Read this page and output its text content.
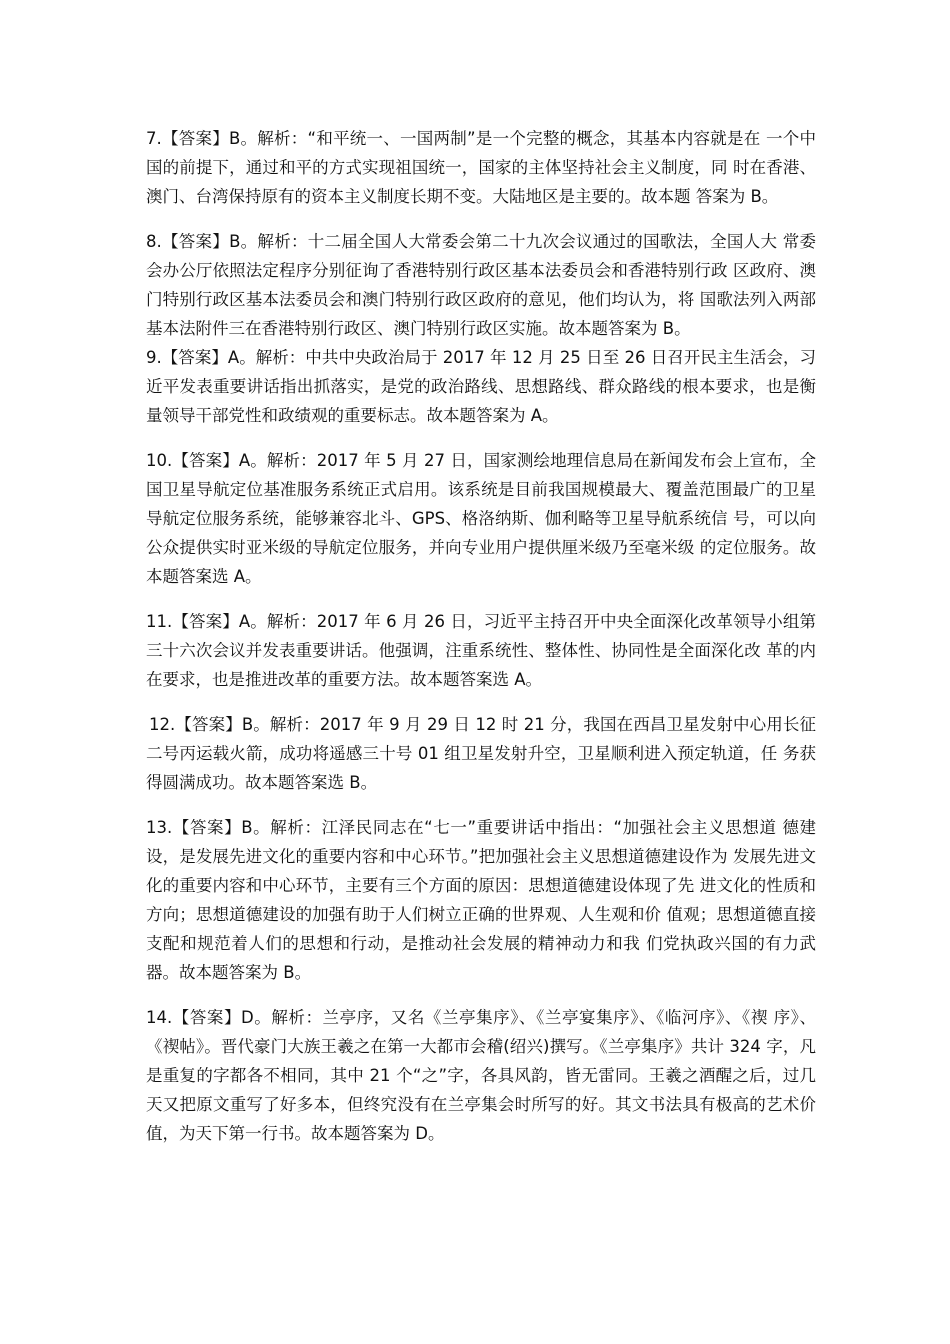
7.【答案】B。解析：“和平统一、一国两制”是一个完整的概念，其基本内容就是在 一个中国的前提下，通过和平的方式实现祖国统一，国家的主体坚持社会主义制度，同 时在香港、澳门、台湾保持原有的资本主义制度长期不变。大陆地区是主要的。故本题 答案为 B。

8.【答案】B。解析：十二届全国人大常委会第二十九次会议通过的国歌法，全国人大 常委会办公厅依照法定程序分别征询了香港特别行政区基本法委员会和香港特别行政 区政府、澳门特别行政区基本法委员会和澳门特别行政区政府的意见，他们均认为，将 国歌法列入两部基本法附件三在香港特别行政区、澳门特别行政区实施。故本题答案为 B。

9.【答案】A。解析：中共中央政治局于 2017 年 12 月 25 日至 26 日召开民主生活会，习近平发表重要讲话指出抓落实，是党的政治路线、思想路线、群众路线的根本要求，也是衡量领导干部党性和政绩观的重要标志。故本题答案为 A。

10.【答案】A。解析：2017 年 5 月 27 日，国家测绘地理信息局在新闻发布会上宣布，全国卫星导航定位基准服务系统正式启用。该系统是目前我国规模最大、覆盖范围最广的卫星导航定位服务系统，能够兼容北斗、GPS、格洛纳斯、伽利略等卫星导航系统信 号，可以向公众提供实时亚米级的导航定位服务，并向专业用户提供厘米级乃至毫米级 的定位服务。故本题答案选 A。

11.【答案】A。解析：2017 年 6 月 26 日，习近平主持召开中央全面深化改革领导小组第三十六次会议并发表重要讲话。他强调，注重系统性、整体性、协同性是全面深化改 革的内在要求，也是推进改革的重要方法。故本题答案选 A。

12.【答案】B。解析：2017 年 9 月 29 日 12 时 21 分，我国在西昌卫星发射中心用长征 二号丙运载火箭，成功将遥感三十号 01 组卫星发射升空，卫星顺利进入预定轨道，任 务获得圆满成功。故本题答案选 B。

13.【答案】B。解析：江泽民同志在“七一”重要讲话中指出：“加强社会主义思想道 德建设，是发展先进文化的重要内容和中心环节。”把加强社会主义思想道德建设作为 发展先进文化的重要内容和中心环节，主要有三个方面的原因：思想道德建设体现了先 进文化的性质和方向；思想道德建设的加强有助于人们树立正确的世界观、人生观和价 值观；思想道德直接支配和规范着人们的思想和行动，是推动社会发展的精神动力和我 们党执政兴国的有力武器。故本题答案为 B。

14.【答案】D。解析：兰亭序，又名《兰亭集序》、《兰亭宴集序》、《临河序》、《禊 序》、《禊帖》。晋代豪门大族王羲之在第一大都市会稽(绍兴)撰写。《兰亭集序》共计 324 字，凡是重复的字都各不相同，其中 21 个“之”字，各具风韵，皆无雷同。王羲之酒醒之后，过几天又把原文重写了好多本，但终究没有在兰亭集会时所写的好。其文书法具有极高的艺术价值，为天下第一行书。故本题答案为 D。
